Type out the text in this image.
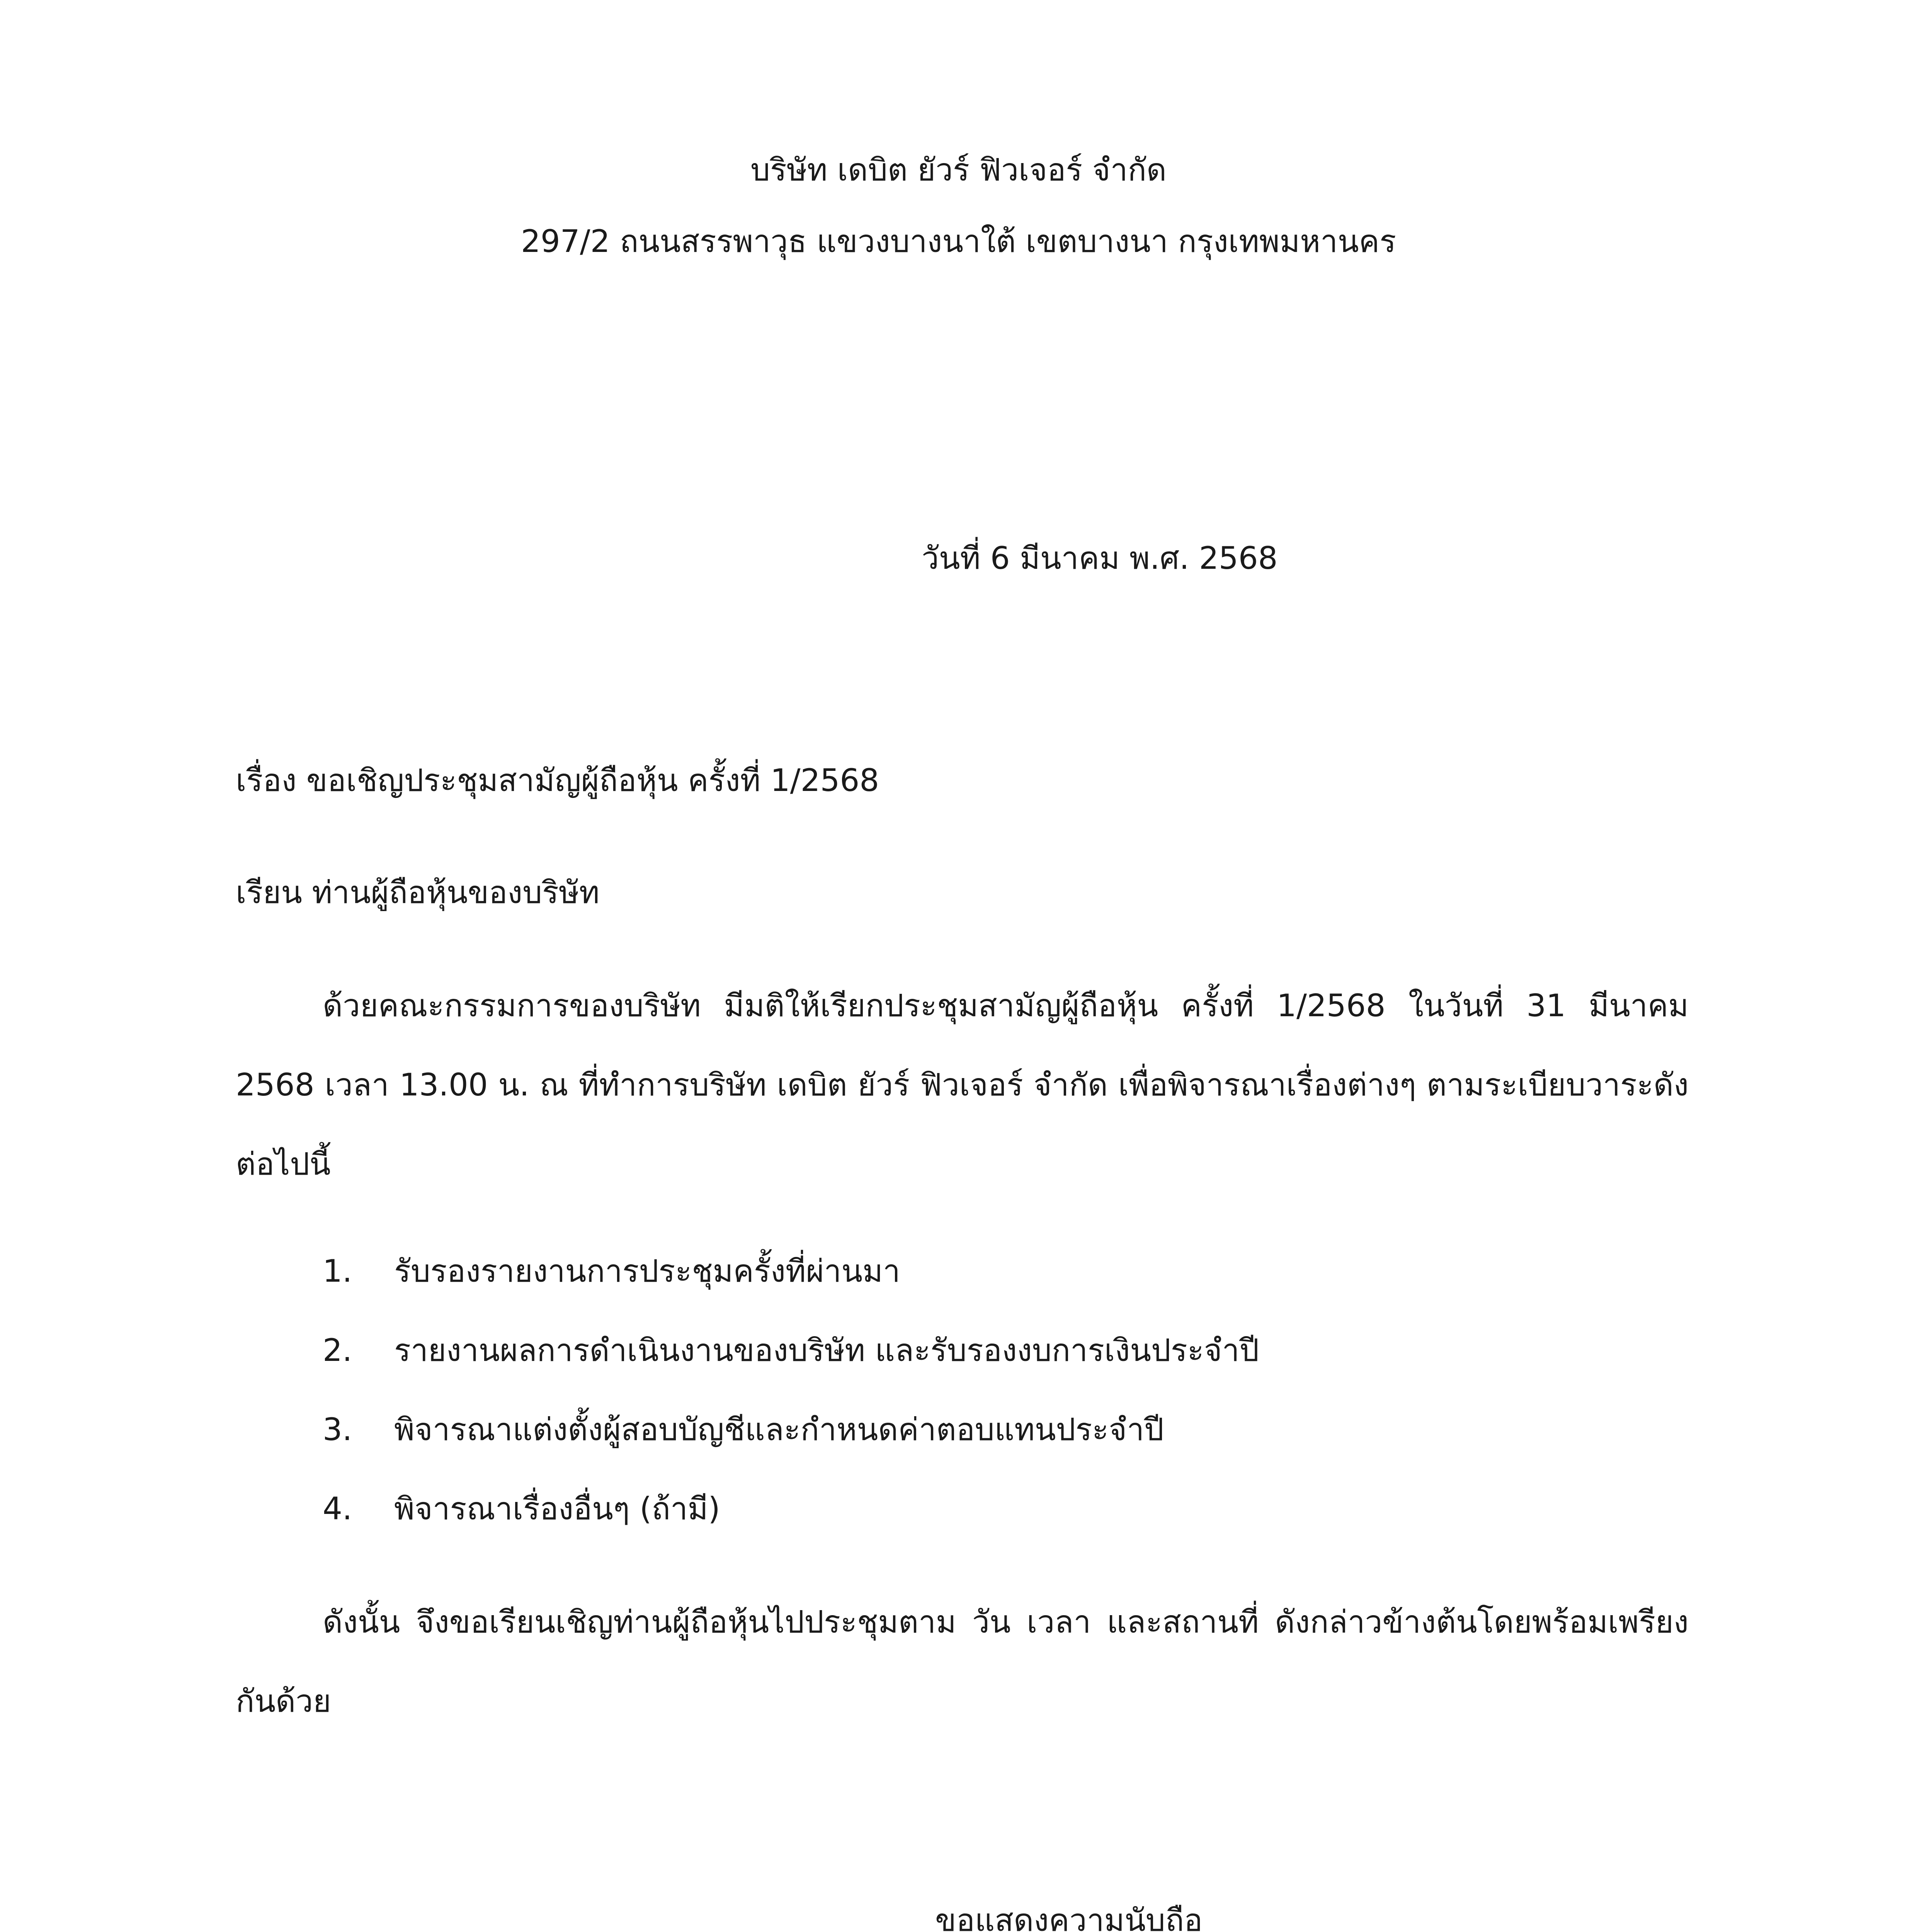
บริษัท เดบิต ยัวร์ ฟิวเจอร์ จำกัด
297/2 ถนนสรรพาวุธ แขวงบางนาใต้ เขตบางนา กรุงเทพมหานคร
วันที่ 6 มีนาคม พ.ศ. 2568
เรื่อง ขอเชิญประชุมสามัญผู้ถือหุ้น ครั้งที่ 1/2568
เรียน ท่านผู้ถือหุ้นของบริษัท

ด้วยคณะกรรมการของบริษัท มีมติให้เรียกประชุมสามัญผู้ถือหุ้น ครั้งที่ 1/2568 ในวันที่ 31 มีนาคม 2568 เวลา 13.00 น. ณ ที่ทำการบริษัท เดบิต ยัวร์ ฟิวเจอร์ จำกัด เพื่อพิจารณาเรื่องต่างๆ ตามระเบียบวาระดังต่อไปนี้

1. รับรองรายงานการประชุมครั้งที่ผ่านมา
2. รายงานผลการดำเนินงานของบริษัท และรับรองงบการเงินประจำปี
3. พิจารณาแต่งตั้งผู้สอบบัญชีและกำหนดค่าตอบแทนประจำปี
4. พิจารณาเรื่องอื่นๆ (ถ้ามี)

ดังนั้น จึงขอเรียนเชิญท่านผู้ถือหุ้นไปประชุมตาม วัน เวลา และสถานที่ ดังกล่าวข้างต้นโดยพร้อมเพรียงกันด้วย

ขอแสดงความนับถือ
